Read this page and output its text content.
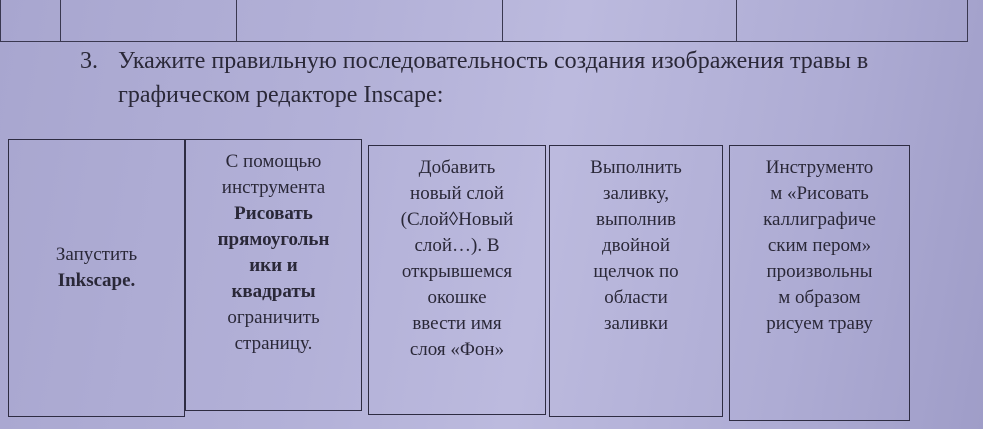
3. Укажите правильную последовательность создания изображения травы в графическом редакторе Inscape:
Запустить
Inkscape.
С помощью
инструмента
Рисовать
прямоугольн
ики и
квадраты
ограничить
страницу.
Добавить
новый слой
(Слой◊Новый
слой…). В
открывшемся
окошке
ввести имя
слоя «Фон»
Выполнить
заливку,
выполнив
двойной
щелчок по
области
заливки
Инструменто
м «Рисовать
каллиграфиче
ским пером»
произвольны
м образом
рисуем траву
